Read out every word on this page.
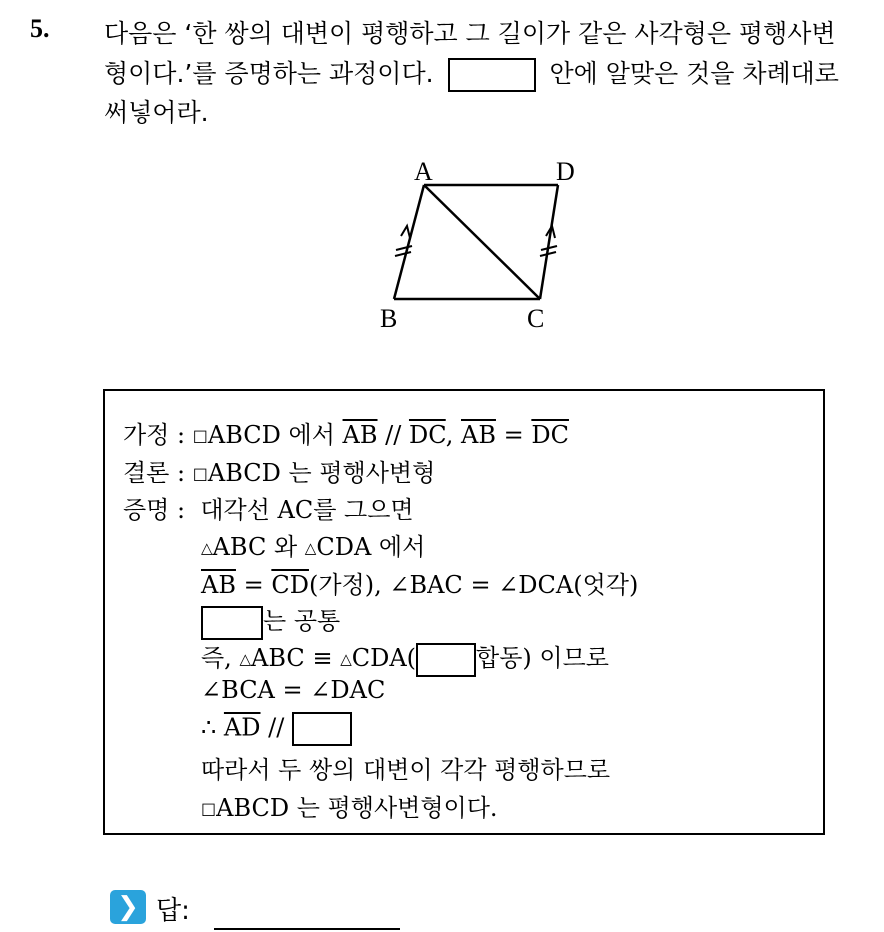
5. 다음은 ‘한 쌍의 대변이 평행하고 그 길이가 같은 사각형은 평행사변
형이다.’를 증명하는 과정이다.	안에 알맞은 것을 차례대로
써넣어라.
A	D
B	C
가정 : □ABCD 에서 $\overline{AB} // \overline{DC}$, $\overline{AB} = \overline{DC}$
결론 : □ABCD 는 평행사변형
증명 : 대각선 AC를 그으면
△ABC 와 △CDA 에서
$\overline{AB} = \overline{CD}$(가정), ∠BAC = ∠DCA(엇각)
는 공통
즉, △ABC ≡ △CDA(	합동) 이므로
∠BCA = ∠DAC
∴ $\overline{AD}$ //
따라서 두 쌍의 대변이 각각 평행하므로
□ABCD 는 평행사변형이다.
❯ 답:
